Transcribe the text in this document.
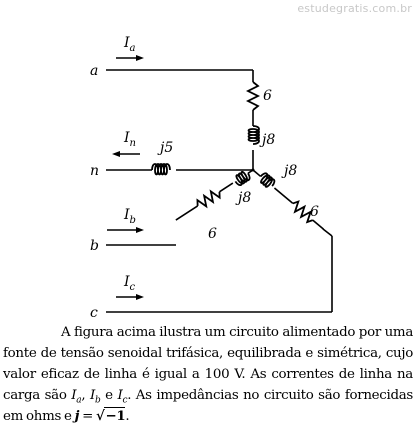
estudegratis.com.br
$I_a$
a
6
j8
$I_n$
n
j5
$I_b$
b
j8
6
$I_c$
c
j8
6

A figura acima ilustra um circuito alimentado por uma fonte de tensão senoidal trifásica, equilibrada e simétrica, cujo valor eficaz de linha é igual a 100 V. As correntes de linha na carga são $I_a$, $I_b$ e $I_c$. As impedâncias no circuito são fornecidas em ohms e j = √−1.
